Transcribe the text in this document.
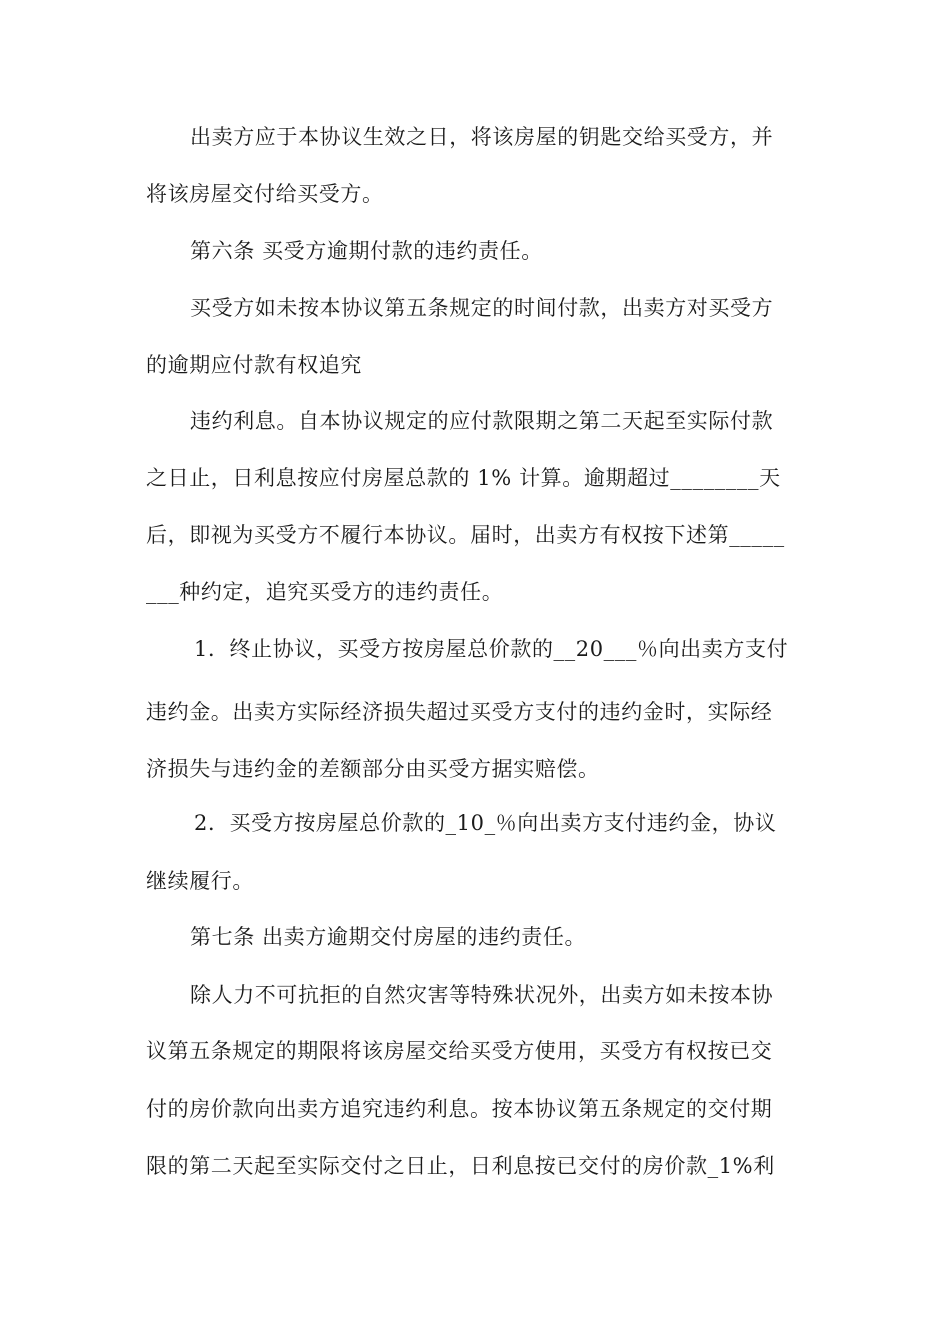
出卖方应于本协议生效之日，将该房屋的钥匙交给买受方，并
将该房屋交付给买受方。
第六条 买受方逾期付款的违约责任。
买受方如未按本协议第五条规定的时间付款，出卖方对买受方
的逾期应付款有权追究
违约利息。自本协议规定的应付款限期之第二天起至实际付款
之日止，日利息按应付房屋总款的 1% 计算。逾期超过________天
后，即视为买受方不履行本协议。届时，出卖方有权按下述第_____
___种约定，追究买受方的违约责任。
1．终止协议，买受方按房屋总价款的__20___％向出卖方支付
违约金。出卖方实际经济损失超过买受方支付的违约金时，实际经
济损失与违约金的差额部分由买受方据实赔偿。
2．买受方按房屋总价款的_10_％向出卖方支付违约金，协议
继续履行。
第七条 出卖方逾期交付房屋的违约责任。
除人力不可抗拒的自然灾害等特殊状况外，出卖方如未按本协
议第五条规定的期限将该房屋交给买受方使用，买受方有权按已交
付的房价款向出卖方追究违约利息。按本协议第五条规定的交付期
限的第二天起至实际交付之日止，日利息按已交付的房价款_1%利
